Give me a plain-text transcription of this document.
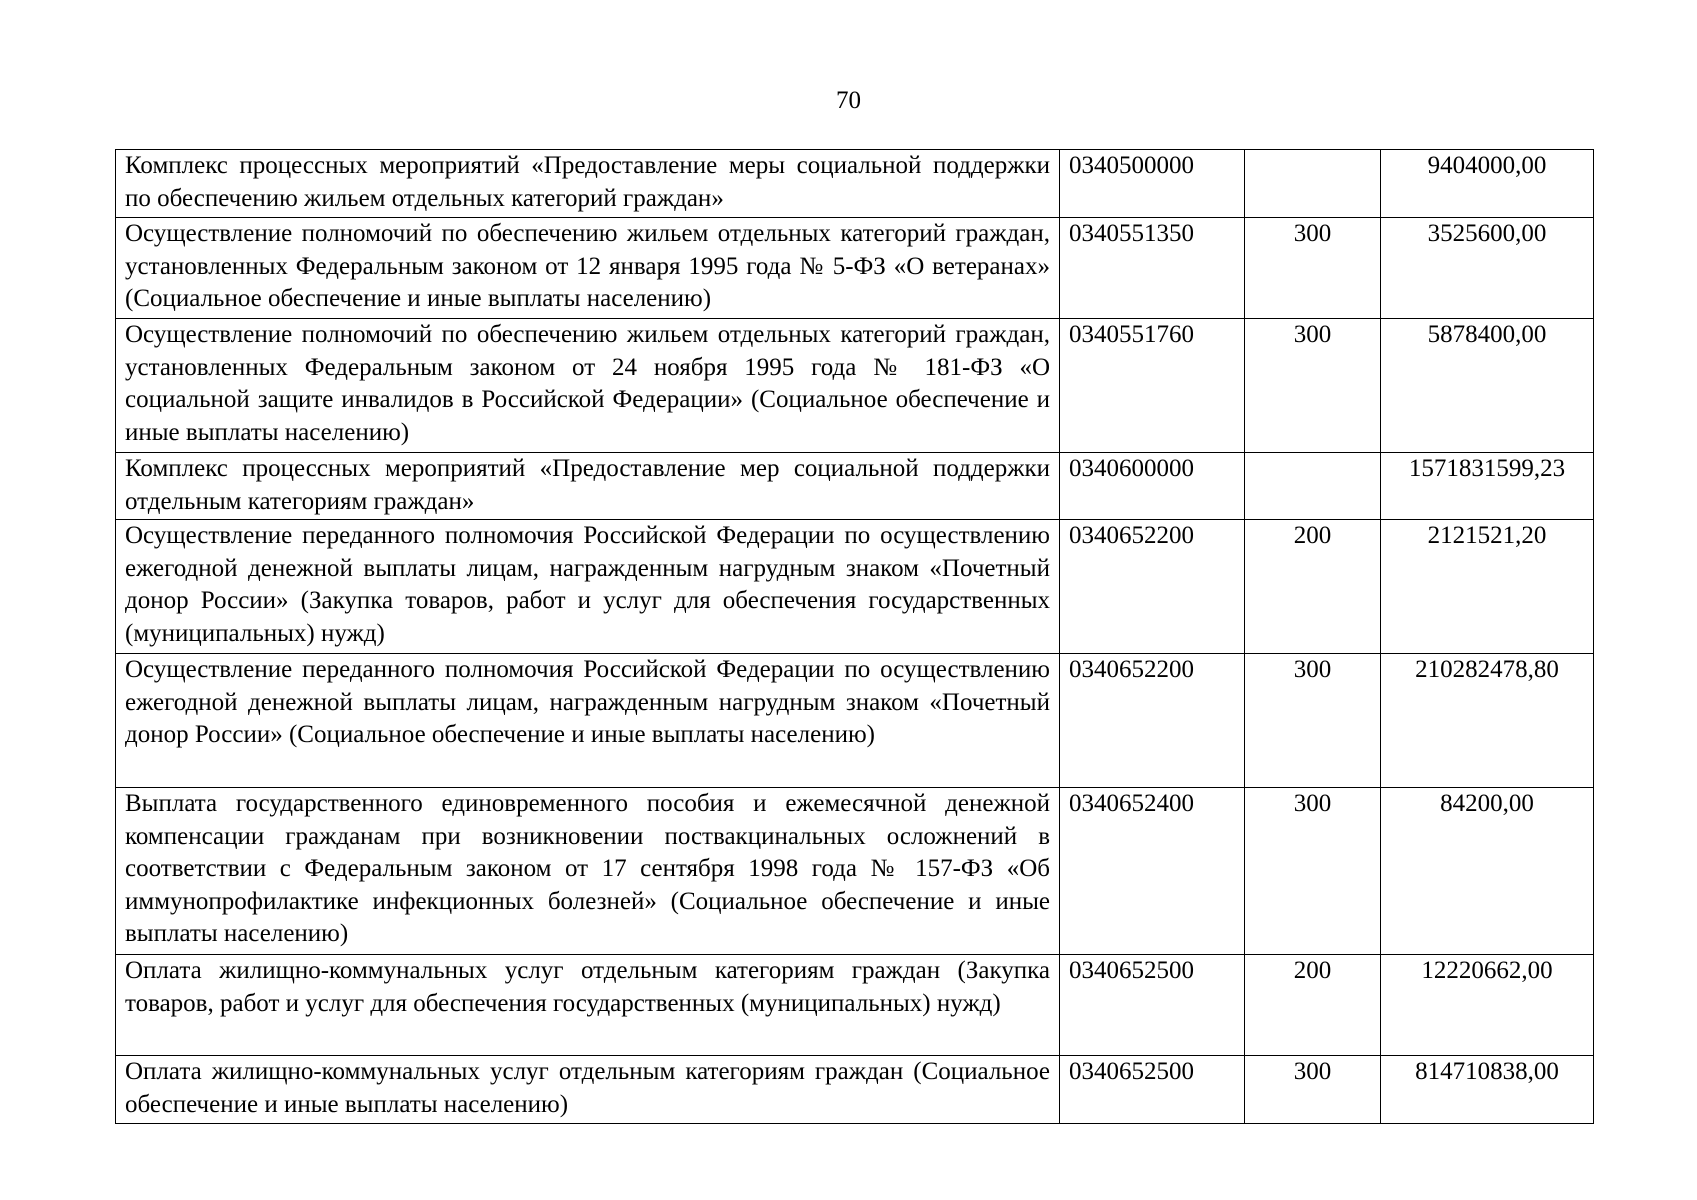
70
Комплекс процессных мероприятий «Предоставление меры социальной поддержки по обеспечению жильем отдельных категорий граждан»	0340500000		9404000,00
Осуществление полномочий по обеспечению жильем отдельных категорий граждан, установленных Федеральным законом от 12 января 1995 года № 5-ФЗ «О ветеранах» (Социальное обеспечение и иные выплаты населению)	0340551350	300	3525600,00
Осуществление полномочий по обеспечению жильем отдельных категорий граждан, установленных Федеральным законом от 24 ноября 1995 года № 181-ФЗ «О социальной защите инвалидов в Российской Федерации» (Социальное обеспечение и иные выплаты населению)	0340551760	300	5878400,00
Комплекс процессных мероприятий «Предоставление мер социальной поддержки отдельным категориям граждан»	0340600000		1571831599,23
Осуществление переданного полномочия Российской Федерации по осуществлению ежегодной денежной выплаты лицам, награжденным нагрудным знаком «Почетный донор России» (Закупка товаров, работ и услуг для обеспечения государственных (муниципальных) нужд)	0340652200	200	2121521,20
Осуществление переданного полномочия Российской Федерации по осуществлению ежегодной денежной выплаты лицам, награжденным нагрудным знаком «Почетный донор России» (Социальное обеспечение и иные выплаты населению)	0340652200	300	210282478,80
Выплата государственного единовременного пособия и ежемесячной денежной компенсации гражданам при возникновении поствакцинальных осложнений в соответствии с Федеральным законом от 17 сентября 1998 года № 157-ФЗ «Об иммунопрофилактике инфекционных болезней» (Социальное обеспечение и иные выплаты населению)	0340652400	300	84200,00
Оплата жилищно-коммунальных услуг отдельным категориям граждан (Закупка товаров, работ и услуг для обеспечения государственных (муниципальных) нужд)	0340652500	200	12220662,00
Оплата жилищно-коммунальных услуг отдельным категориям граждан (Социальное обеспечение и иные выплаты населению)	0340652500	300	814710838,00
